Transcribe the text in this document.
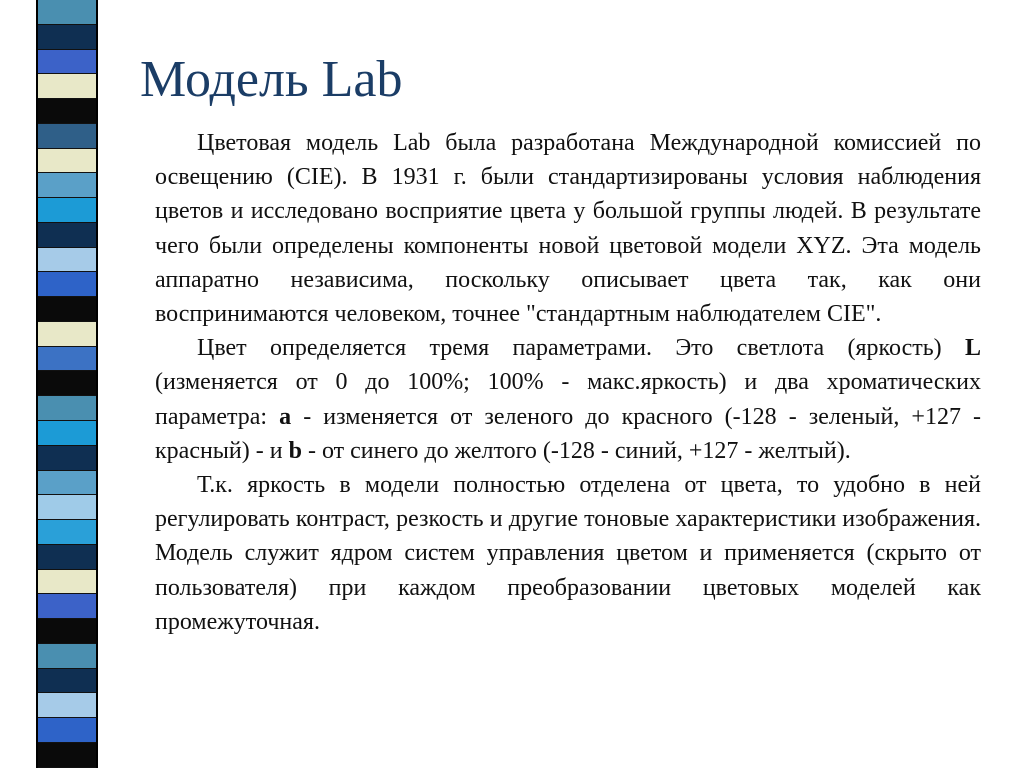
Модель Lab

Цветовая модель Lab была разработана Международной комиссией по освещению (CIE). В 1931 г. были стандартизированы условия наблюдения цветов и исследовано восприятие цвета у большой группы людей. В результате чего были определены компоненты новой цветовой модели XYZ. Эта модель аппаратно независима, поскольку описывает цвета так, как они воспринимаются человеком, точнее "стандартным наблюдателем CIE".

Цвет определяется тремя параметрами. Это светлота (яркость) L (изменяется от 0 до 100%; 100% - макс.яркость) и два хроматических параметра: a - изменяется от зеленого до красного (-128 - зеленый, +127 - красный) - и b - от синего до желтого (-128 - синий, +127 - желтый).

Т.к. яркость в модели полностью отделена от цвета, то удобно в ней регулировать контраст, резкость и другие тоновые характеристики изображения. Модель служит ядром систем управления цветом и применяется (скрыто от пользователя) при каждом преобразовании цветовых моделей как промежуточная.
